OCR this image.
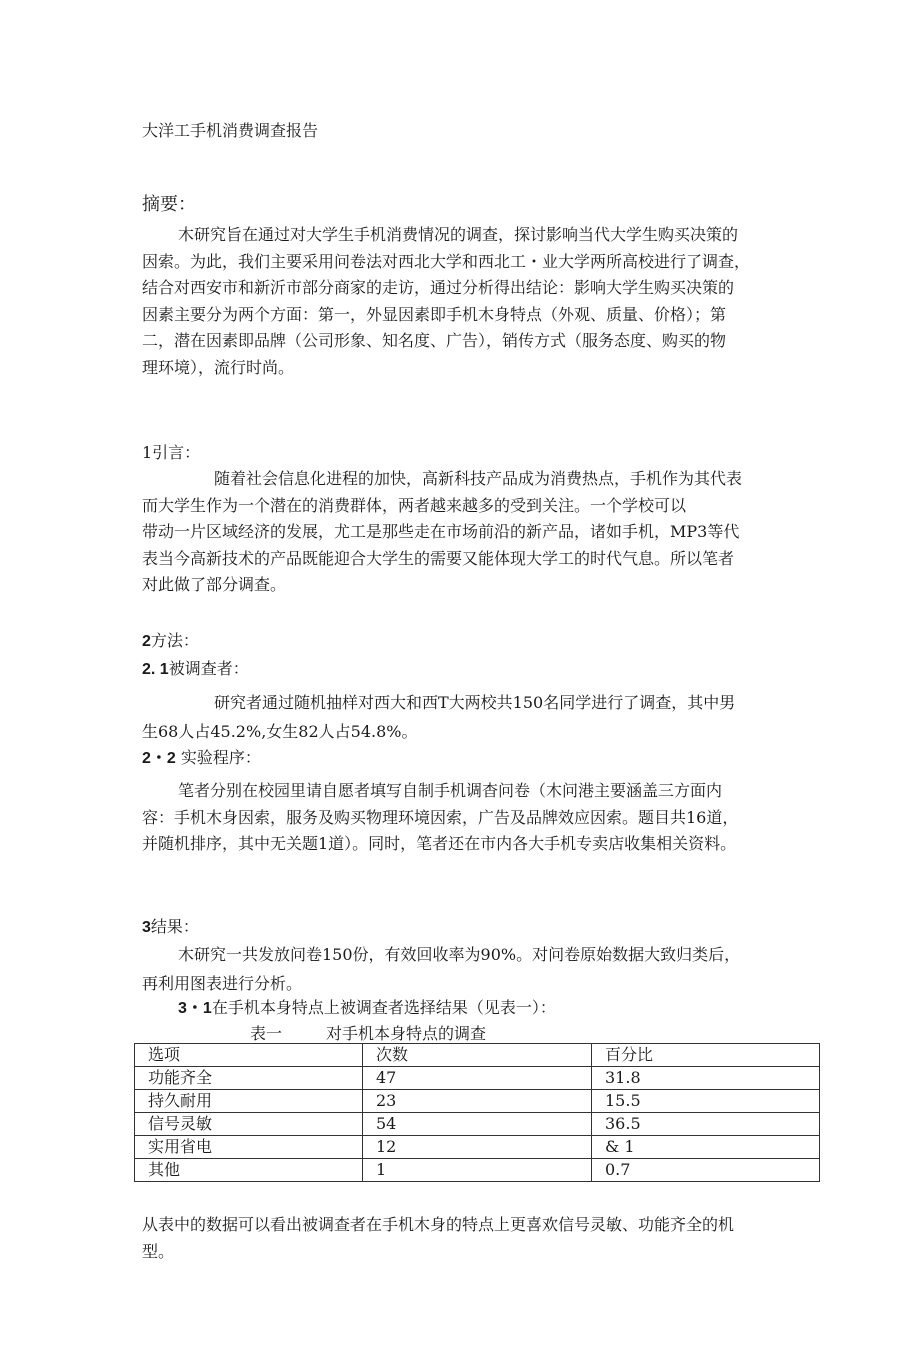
大洋工手机消费调查报告
摘要：
木研究旨在通过对大学生手机消费情况的调查，探讨影响当代大学生购买决策的
因索。为此，我们主要采用问卷法对西北大学和西北工・业大学两所高校进行了调查，
结合对西安市和新沂市部分商家的走访，通过分析得出结论：影响大学生购买决策的
因素主要分为两个方面：第一，外显因素即手机木身特点（外观、质量、价格）；第
二，潜在因素即品牌（公司形象、知名度、广告），销传方式（服务态度、购买的物
理环境），流行时尚。
1引言：
随着社会信息化进程的加快，高新科技产品成为消费热点，手机作为其代表
而大学生作为一个潜在的消费群体，两者越来越多的受到关注。一个学校可以
带动一片区域经济的发展，尤工是那些走在市场前沿的新产品，诸如手机，MP3等代
表当今高新技术的产品既能迎合大学生的需要又能体现大学工的时代气息。所以笔者
对此做了部分调查。
2方法：
2. 1被调查者：
研究者通过随机抽样对西大和西T大两校共150名同学进行了调查，其中男
生68人占45.2%,女生82人占54.8%。
2・2 实验程序：
笔者分别在校园里请自愿者填写自制手机调杳问卷（木问港主要涵盖三方面内
容：手机木身因索，服务及购买物理环境因索，广告及品牌效应因索。题目共16道，
并随机排序，其中无关题1道）。同时，笔者还在市内各大手机专卖店收集相关资料。
3结果：
木研究一共发放问卷150份，有效回收率为90%。对问卷原始数据大致归类后，
再利用图表进行分析。
3・1在手机本身特点上被调查者选择结果（见表一）：
表一	对手机本身特点的调查
选项	次数	百分比
功能齐全	47	31.8
持久耐用	23	15.5
信号灵敏	54	36.5
实用省电	12	& 1
其他	1	0.7
从表中的数据可以看出被调查者在手机木身的特点上更喜欢信号灵敏、功能齐全的机
型。
